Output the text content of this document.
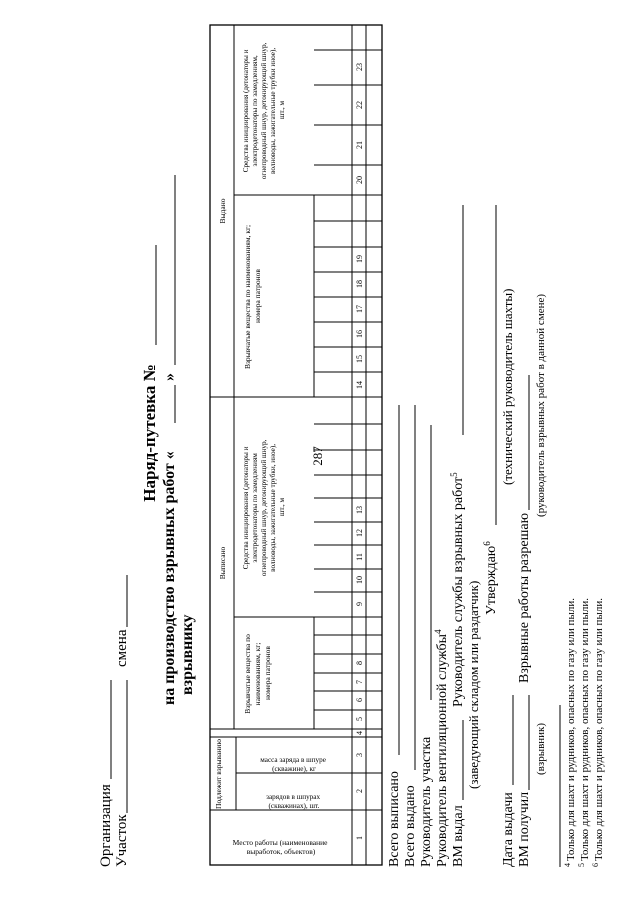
287
Организация Участок
смена
Наряд-путевка №
на производство взрывных работ «
»
взрывнику
Место работы (наименование выработок, объектов)
Подлежит взрыванию	зарядов в шпурах (скважинах), шт.
масса заряда в шпуре (скважине), кг
Выписано
Выдано
Взрывчатые вещества по наименованиям, кг; номера патронов
Средства инициирования (детонаторы и электродетонаторы по замедлениям огнепроводный шнур, детонирующий шнур, волноводы, зажигательные трубки, иное), шт., м
Взрывчатые вещества по наименованиям, кг; номера патронов
Средства инициирования (детонаторы и электродетонаторы по замедлениям, огнепроводный шнур, детонирующий шнур, волноводы, зажигательные трубки иное), шт., м
1
2
3
4
5
6
7
8
9
10
11
12
13
14
15
16
17
18
19
20
21
22
23
Всего выписано Всего выдано Руководитель участка Руководитель вентиляционной службы$^4$
ВМ выдал
Руководитель службы взрывных работ$^5$
(заведующий складом или раздатчик)
Утверждаю$^6$
(технический руководитель шахты)
Дата выдачи ВМ получил
Взрывные работы разрешаю
(взрывник)
(руководитель взрывных работ в данной смене)
$^4$Только для шахт и рудников, опасных по газу или пыли.
$^5$Только для шахт и рудников, опасных по газу или пыли.
$^6$Только для шахт и рудников, опасных по газу или пыли.
